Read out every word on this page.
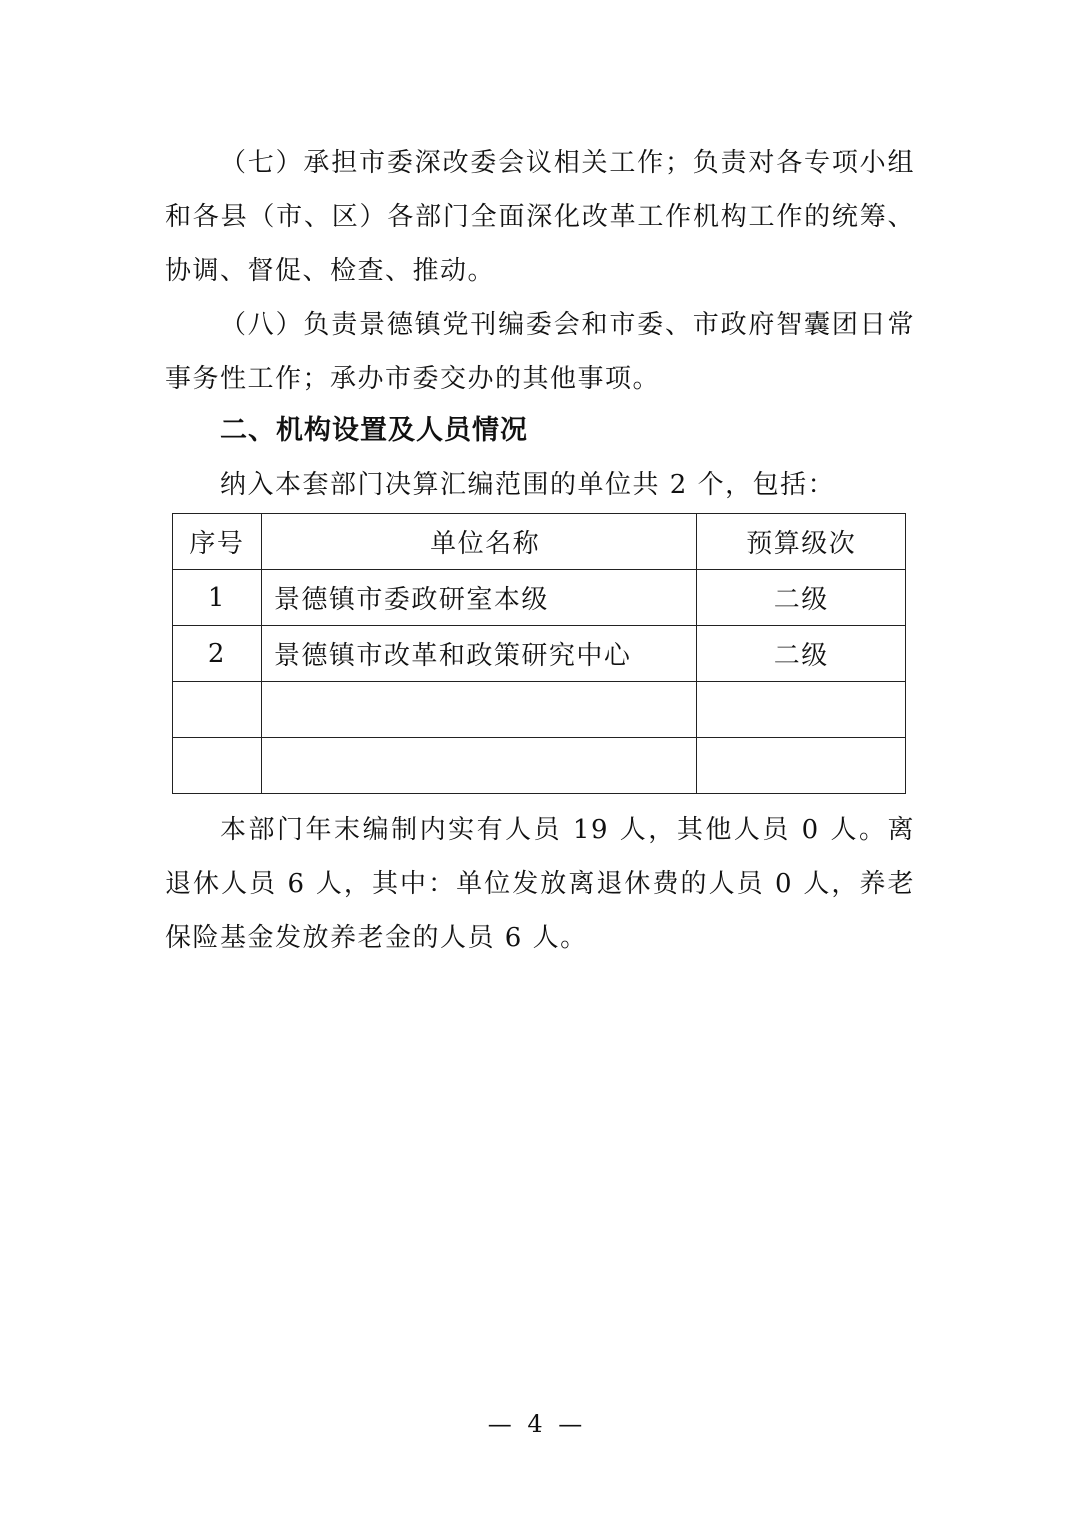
（七）承担市委深改委会议相关工作；负责对各专项小组和各县（市、区）各部门全面深化改革工作机构工作的统筹、协调、督促、检查、推动。

（八）负责景德镇党刊编委会和市委、市政府智囊团日常事务性工作；承办市委交办的其他事项。

二、机构设置及人员情况

纳入本套部门决算汇编范围的单位共 2 个，包括：

序号	单位名称	预算级次
1	景德镇市委政研室本级	二级
2	景德镇市改革和政策研究中心	二级

本部门年末编制内实有人员 19 人，其他人员 0 人。离退休人员 6 人，其中：单位发放离退休费的人员 0 人，养老保险基金发放养老金的人员 6 人。

— 4 —
